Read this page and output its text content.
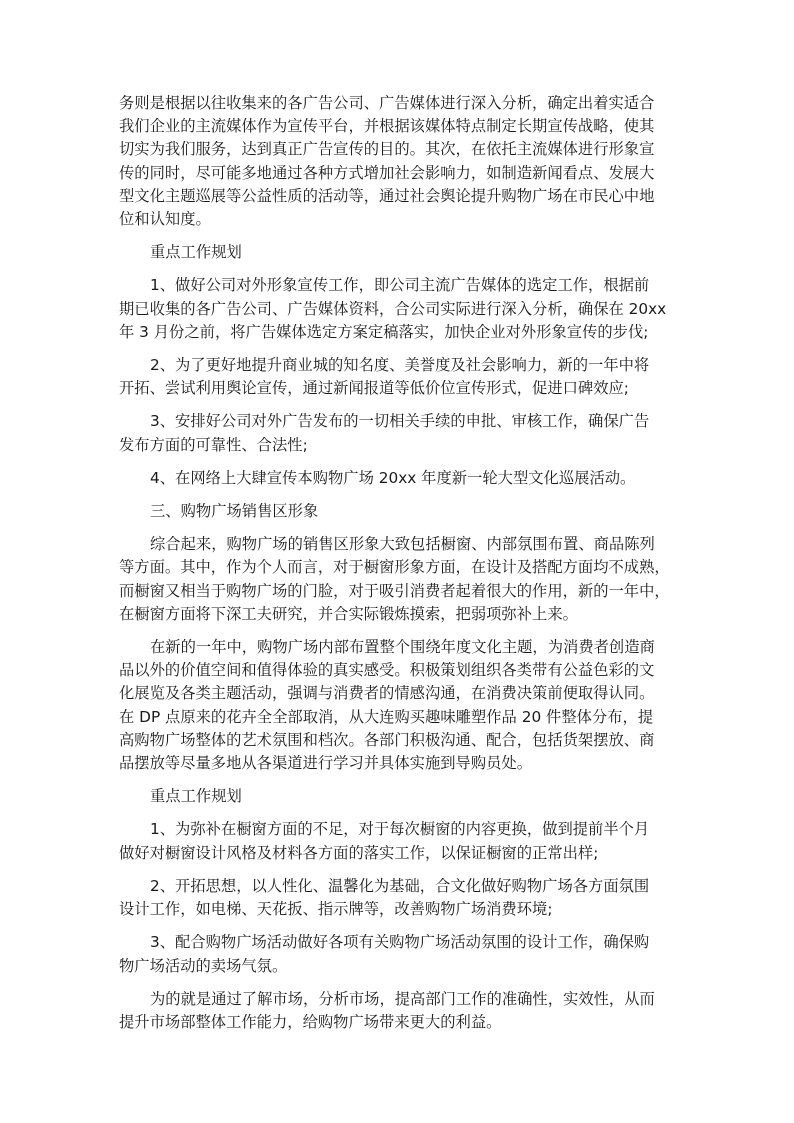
务则是根据以往收集来的各广告公司、广告媒体进行深入分析，确定出着实适合
我们企业的主流媒体作为宣传平台，并根据该媒体特点制定长期宣传战略，使其
切实为我们服务，达到真正广告宣传的目的。其次，在依托主流媒体进行形象宣
传的同时，尽可能多地通过各种方式增加社会影响力，如制造新闻看点、发展大
型文化主题巡展等公益性质的活动等，通过社会舆论提升购物广场在市民心中地
位和认知度。

重点工作规划

1、做好公司对外形象宣传工作，即公司主流广告媒体的选定工作，根据前
期已收集的各广告公司、广告媒体资料，合公司实际进行深入分析，确保在 20xx
年 3 月份之前，将广告媒体选定方案定稿落实，加快企业对外形象宣传的步伐;

2、为了更好地提升商业城的知名度、美誉度及社会影响力，新的一年中将
开拓、尝试利用舆论宣传，通过新闻报道等低价位宣传形式，促进口碑效应;

3、安排好公司对外广告发布的一切相关手续的申批、审核工作，确保广告
发布方面的可靠性、合法性;

4、在网络上大肆宣传本购物广场 20xx 年度新一轮大型文化巡展活动。

三、购物广场销售区形象

综合起来，购物广场的销售区形象大致包括橱窗、内部氛围布置、商品陈列
等方面。其中，作为个人而言，对于橱窗形象方面，在设计及搭配方面均不成熟，
而橱窗又相当于购物广场的门脸，对于吸引消费者起着很大的作用，新的一年中，
在橱窗方面将下深工夫研究，并合实际锻炼摸索，把弱项弥补上来。

在新的一年中，购物广场内部布置整个围绕年度文化主题，为消费者创造商
品以外的价值空间和值得体验的真实感受。积极策划组织各类带有公益色彩的文
化展览及各类主题活动，强调与消费者的情感沟通，在消费决策前便取得认同。
在 DP 点原来的花卉全全部取消，从大连购买趣味雕塑作品 20 件整体分布，提
高购物广场整体的艺术氛围和档次。各部门积极沟通、配合，包括货架摆放、商
品摆放等尽量多地从各渠道进行学习并具体实施到导购员处。

重点工作规划

1、为弥补在橱窗方面的不足，对于每次橱窗的内容更换，做到提前半个月
做好对橱窗设计风格及材料各方面的落实工作，以保证橱窗的正常出样;

2、开拓思想，以人性化、温馨化为基础，合文化做好购物广场各方面氛围
设计工作，如电梯、天花扳、指示牌等，改善购物广场消费环境;

3、配合购物广场活动做好各项有关购物广场活动氛围的设计工作，确保购
物广场活动的卖场气氛。

为的就是通过了解市场，分析市场，提高部门工作的准确性，实效性，从而
提升市场部整体工作能力，给购物广场带来更大的利益。
